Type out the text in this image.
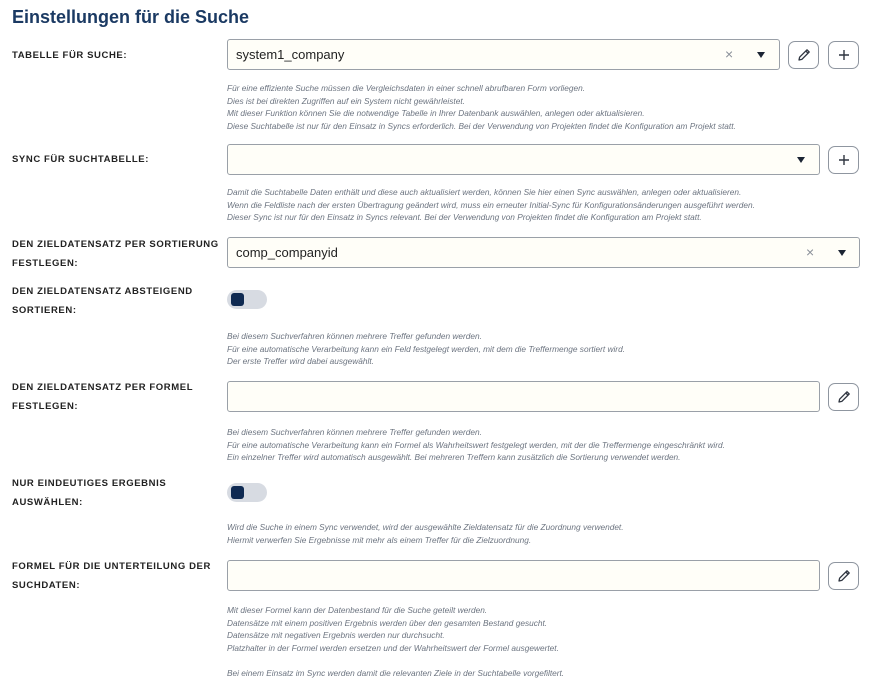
Einstellungen für die Suche
TABELLE FÜR SUCHE:	system1_company	×
Für eine effiziente Suche müssen die Vergleichsdaten in einer schnell abrufbaren Form vorliegen.
Dies ist bei direkten Zugriffen auf ein System nicht gewährleistet.
Mit dieser Funktion können Sie die notwendige Tabelle in Ihrer Datenbank auswählen, anlegen oder aktualisieren.
Diese Suchtabelle ist nur für den Einsatz in Syncs erforderlich. Bei der Verwendung von Projekten findet die Konfiguration am Projekt statt.
SYNC FÜR SUCHTABELLE:
Damit die Suchtabelle Daten enthält und diese auch aktualisiert werden, können Sie hier einen Sync auswählen, anlegen oder aktualisieren.
Wenn die Feldliste nach der ersten Übertragung geändert wird, muss ein erneuter Initial-Sync für Konfigurationsänderungen ausgeführt werden.
Dieser Sync ist nur für den Einsatz in Syncs relevant. Bei der Verwendung von Projekten findet die Konfiguration am Projekt statt.
DEN ZIELDATENSATZ PER SORTIERUNG
FESTLEGEN:
comp_companyid	×
DEN ZIELDATENSATZ ABSTEIGEND
SORTIEREN:
Bei diesem Suchverfahren können mehrere Treffer gefunden werden.
Für eine automatische Verarbeitung kann ein Feld festgelegt werden, mit dem die Treffermenge sortiert wird.
Der erste Treffer wird dabei ausgewählt.
DEN ZIELDATENSATZ PER FORMEL
FESTLEGEN:
Bei diesem Suchverfahren können mehrere Treffer gefunden werden.
Für eine automatische Verarbeitung kann ein Formel als Wahrheitswert festgelegt werden, mit der die Treffermenge eingeschränkt wird.
Ein einzelner Treffer wird automatisch ausgewählt. Bei mehreren Treffern kann zusätzlich die Sortierung verwendet werden.
NUR EINDEUTIGES ERGEBNIS
AUSWÄHLEN:
Wird die Suche in einem Sync verwendet, wird der ausgewählte Zieldatensatz für die Zuordnung verwendet.
Hiermit verwerfen Sie Ergebnisse mit mehr als einem Treffer für die Zielzuordnung.
FORMEL FÜR DIE UNTERTEILUNG DER
SUCHDATEN:
Mit dieser Formel kann der Datenbestand für die Suche geteilt werden.
Datensätze mit einem positiven Ergebnis werden über den gesamten Bestand gesucht.
Datensätze mit negativen Ergebnis werden nur durchsucht.
Platzhalter in der Formel werden ersetzen und der Wahrheitswert der Formel ausgewertet.
Bei einem Einsatz im Sync werden damit die relevanten Ziele in der Suchtabelle vorgefiltert.
